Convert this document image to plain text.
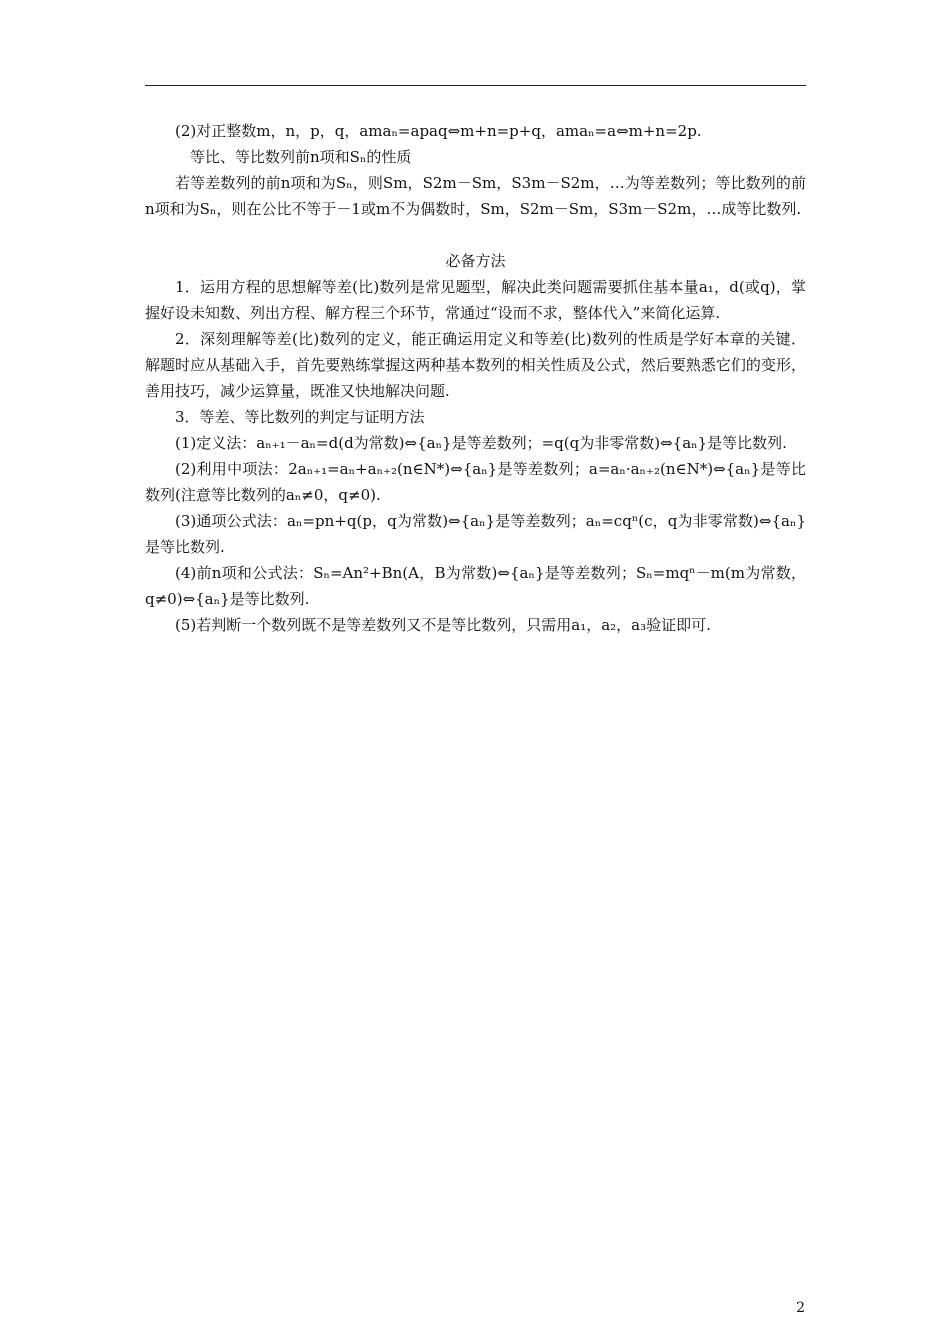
(2)对正整数m，n，p，q，amaₙ=apaq⇔m+n=p+q，amaₙ=a⇔m+n=2p.

等比、等比数列前n项和Sₙ的性质

若等差数列的前n项和为Sₙ，则Sm，S2m－Sm，S3m－S2m，…为等差数列；等比数列的前n项和为Sₙ，则在公比不等于－1或m不为偶数时，Sm，S2m－Sm，S3m－S2m，…成等比数列.

必备方法

1．运用方程的思想解等差(比)数列是常见题型，解决此类问题需要抓住基本量a₁，d(或q)，掌握好设未知数、列出方程、解方程三个环节，常通过“设而不求，整体代入”来简化运算.

2．深刻理解等差(比)数列的定义，能正确运用定义和等差(比)数列的性质是学好本章的关键．解题时应从基础入手，首先要熟练掌握这两种基本数列的相关性质及公式，然后要熟悉它们的变形，善用技巧，减少运算量，既准又快地解决问题.

3．等差、等比数列的判定与证明方法

(1)定义法：aₙ₊₁－aₙ=d(d为常数)⇔{aₙ}是等差数列；=q(q为非零常数)⇔{aₙ}是等比数列.

(2)利用中项法：2aₙ₊₁=aₙ+aₙ₊₂(n∈N*)⇔{aₙ}是等差数列；a=aₙ·aₙ₊₂(n∈N*)⇔{aₙ}是等比数列(注意等比数列的aₙ≠0，q≠0).

(3)通项公式法：aₙ=pn+q(p，q为常数)⇔{aₙ}是等差数列；aₙ=cqⁿ(c，q为非零常数)⇔{aₙ}是等比数列.

(4)前n项和公式法：Sₙ=An²+Bn(A，B为常数)⇔{aₙ}是等差数列；Sₙ=mqⁿ－m(m为常数，q≠0)⇔{aₙ}是等比数列.

(5)若判断一个数列既不是等差数列又不是等比数列，只需用a₁，a₂，a₃验证即可.

2
